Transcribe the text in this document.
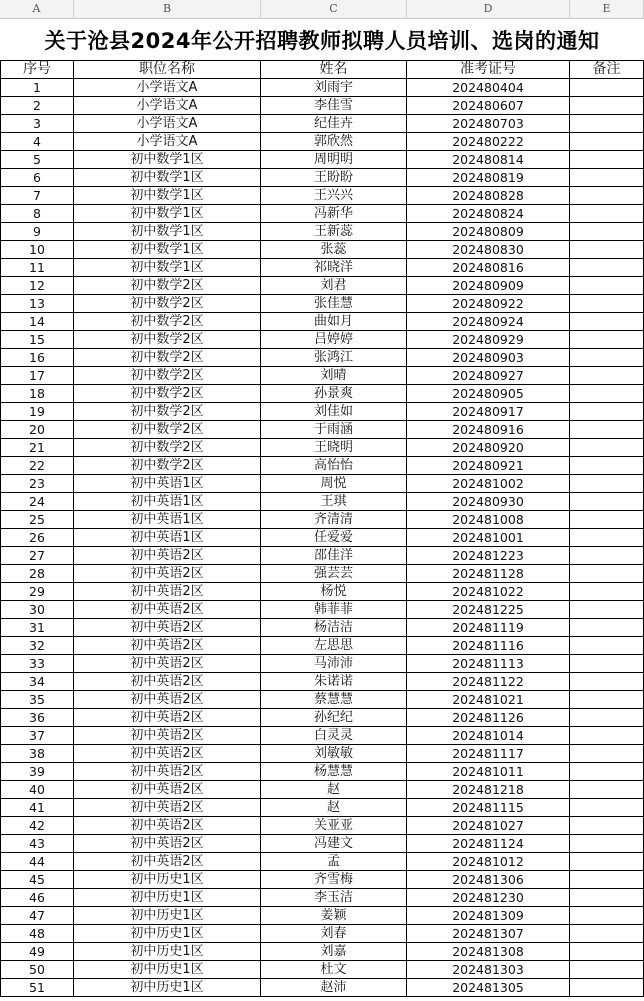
A	B	C	D	E
关于沧县2024年公开招聘教师拟聘人员培训、选岗的通知
序号	职位名称	姓名	准考证号	备注
1	小学语文A	刘雨宇	202480404
2	小学语文A	李佳雪	202480607
3	小学语文A	纪佳卉	202480703
4	小学语文A	郭欣然	202480222
5	初中数学1区	周明明	202480814
6	初中数学1区	王盼盼	202480819
7	初中数学1区	王兴兴	202480828
8	初中数学1区	冯新华	202480824
9	初中数学1区	王新蕊	202480809
10	初中数学1区	张蕊	202480830
11	初中数学1区	祁晓洋	202480816
12	初中数学2区	刘君	202480909
13	初中数学2区	张佳慧	202480922
14	初中数学2区	曲如月	202480924
15	初中数学2区	吕婷婷	202480929
16	初中数学2区	张鸿江	202480903
17	初中数学2区	刘晴	202480927
18	初中数学2区	孙景爽	202480905
19	初中数学2区	刘佳如	202480917
20	初中数学2区	于雨涵	202480916
21	初中数学2区	王晓明	202480920
22	初中数学2区	高怡怡	202480921
23	初中英语1区	周悦	202481002
24	初中英语1区	王琪	202480930
25	初中英语1区	齐清清	202481008
26	初中英语1区	任爱爱	202481001
27	初中英语2区	邵佳洋	202481223
28	初中英语2区	强芸芸	202481128
29	初中英语2区	杨悦	202481022
30	初中英语2区	韩菲菲	202481225
31	初中英语2区	杨洁洁	202481119
32	初中英语2区	左思思	202481116
33	初中英语2区	马沛沛	202481113
34	初中英语2区	朱诺诺	202481122
35	初中英语2区	蔡慧慧	202481021
36	初中英语2区	孙纪纪	202481126
37	初中英语2区	白灵灵	202481014
38	初中英语2区	刘敏敏	202481117
39	初中英语2区	杨慧慧	202481011
40	初中英语2区	赵	202481218
41	初中英语2区	赵	202481115
42	初中英语2区	关亚亚	202481027
43	初中英语2区	冯建文	202481124
44	初中英语2区	孟	202481012
45	初中历史1区	齐雪梅	202481306
46	初中历史1区	李玉洁	202481230
47	初中历史1区	姜颖	202481309
48	初中历史1区	刘春	202481307
49	初中历史1区	刘嘉	202481308
50	初中历史1区	杜文	202481303
51	初中历史1区	赵沛	202481305
